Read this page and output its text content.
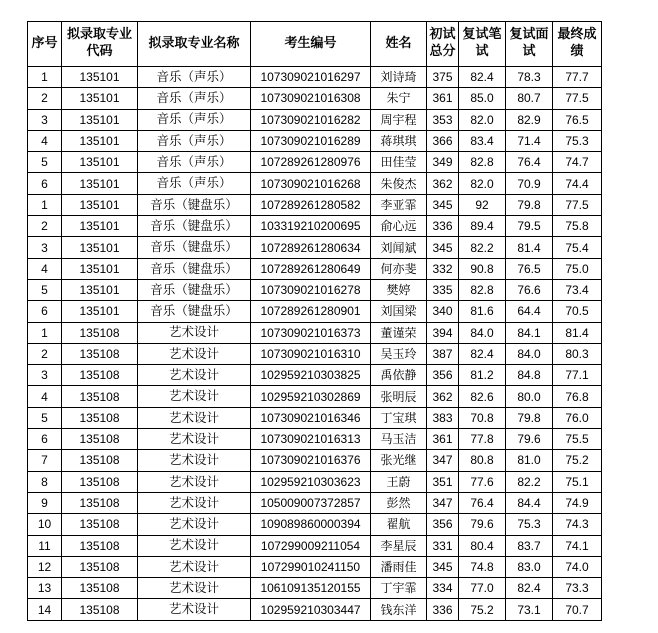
序号	拟录取专业代码	拟录取专业名称	考生编号	姓名	初试总分	复试笔试	复试面试	最终成绩
1	135101	音乐（声乐）	107309021016297	刘诗琦	375	82.4	78.3	77.7
2	135101	音乐（声乐）	107309021016308	朱宁	361	85.0	80.7	77.5
3	135101	音乐（声乐）	107309021016282	周宇程	353	82.0	82.9	76.5
4	135101	音乐（声乐）	107309021016289	蒋琪琪	366	83.4	71.4	75.3
5	135101	音乐（声乐）	107289261280976	田佳莹	349	82.8	76.4	74.7
6	135101	音乐（声乐）	107309021016268	朱俊杰	362	82.0	70.9	74.4
1	135101	音乐（键盘乐）	107289261280582	李亚霏	345	92	79.8	77.5
2	135101	音乐（键盘乐）	103319210200695	俞心远	336	89.4	79.5	75.8
3	135101	音乐（键盘乐）	107289261280634	刘闻斌	345	82.2	81.4	75.4
4	135101	音乐（键盘乐）	107289261280649	何亦斐	332	90.8	76.5	75.0
5	135101	音乐（键盘乐）	107309021016278	樊婷	335	82.8	76.6	73.4
6	135101	音乐（键盘乐）	107289261280901	刘国梁	340	81.6	64.4	70.5
1	135108	艺术设计	107309021016373	董谨荣	394	84.0	84.1	81.4
2	135108	艺术设计	107309021016310	吴玉玲	387	82.4	84.0	80.3
3	135108	艺术设计	102959210303825	禹依静	356	81.2	84.8	77.1
4	135108	艺术设计	102959210302869	张明辰	362	82.6	80.0	76.8
5	135108	艺术设计	107309021016346	丁宝琪	383	70.8	79.8	76.0
6	135108	艺术设计	107309021016313	马玉洁	361	77.8	79.6	75.5
7	135108	艺术设计	107309021016376	张光继	347	80.8	81.0	75.2
8	135108	艺术设计	102959210303623	王蔚	351	77.6	82.2	75.1
9	135108	艺术设计	105009007372857	彭然	347	76.4	84.4	74.9
10	135108	艺术设计	109089860000394	翟航	356	79.6	75.3	74.3
11	135108	艺术设计	107299009211054	李星辰	331	80.4	83.7	74.1
12	135108	艺术设计	107299010241150	潘雨佳	345	74.8	83.0	74.0
13	135108	艺术设计	106109135120155	丁宇霏	334	77.0	82.4	73.3
14	135108	艺术设计	102959210303447	钱东洋	336	75.2	73.1	70.7
